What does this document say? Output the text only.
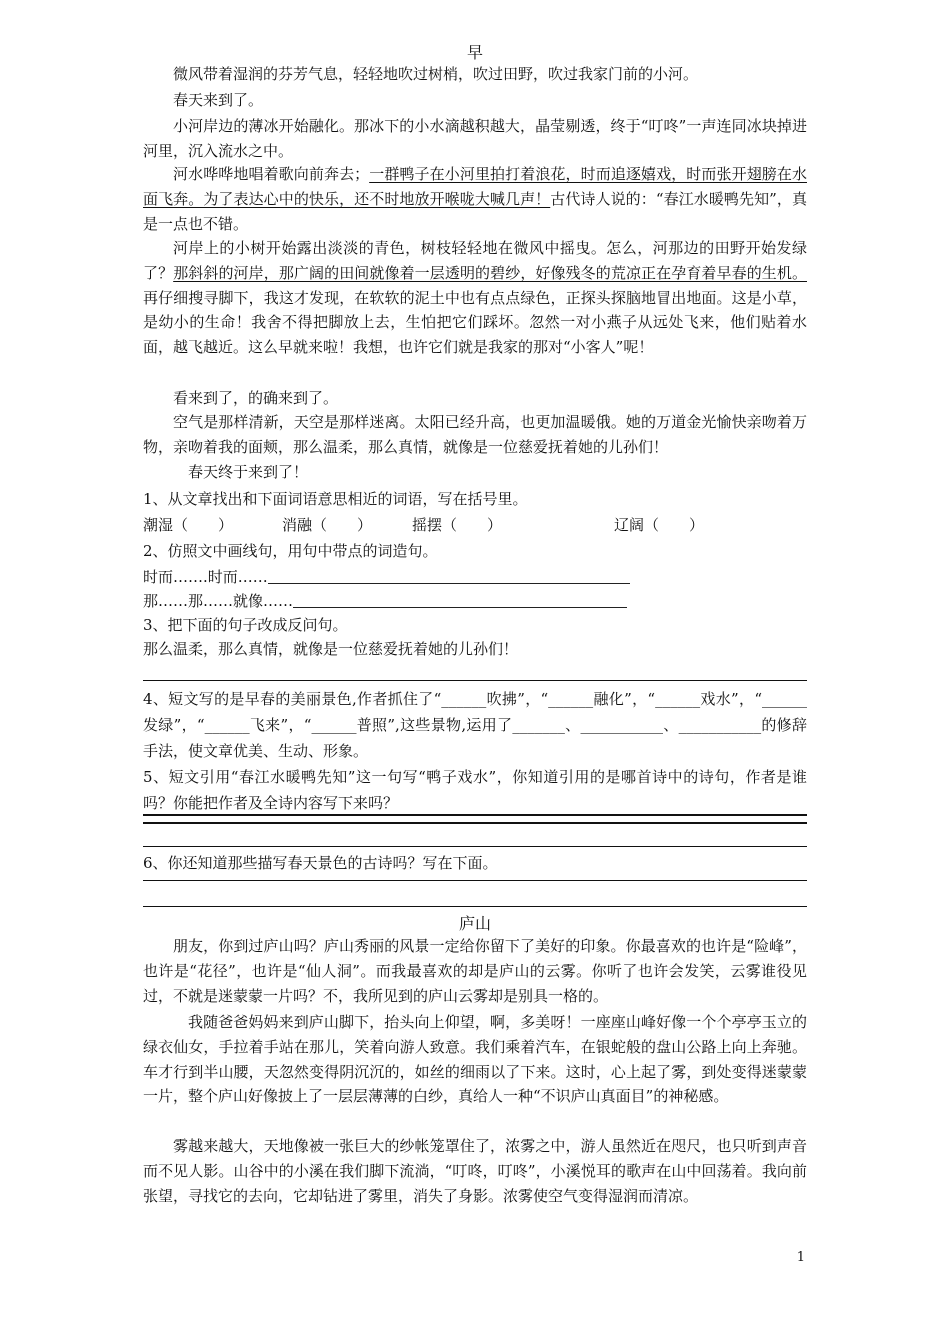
早

微风带着湿润的芬芳气息，轻轻地吹过树梢，吹过田野，吹过我家门前的小河。

春天来到了。

小河岸边的薄冰开始融化。那冰下的小水滴越积越大，晶莹剔透，终于“叮咚”一声连同冰块掉进河里，沉入流水之中。

河水哗哗地唱着歌向前奔去；一群鸭子在小河里拍打着浪花，时而追逐嬉戏，时而张开翅膀在水面飞奔。为了表达心中的快乐，还不时地放开喉咙大喊几声！古代诗人说的：“春江水暖鸭先知”，真是一点也不错。

河岸上的小树开始露出淡淡的青色，树枝轻轻地在微风中摇曳。怎么，河那边的田野开始发绿了？那斜斜的河岸，那广阔的田间就像着一层透明的碧纱，好像残冬的荒凉正在孕育着早春的生机。再仔细搜寻脚下，我这才发现，在软软的泥土中也有点点绿色，正探头探脑地冒出地面。这是小草，是幼小的生命！我舍不得把脚放上去，生怕把它们踩坏。忽然一对小燕子从远处飞来，他们贴着水面，越飞越近。这么早就来啦！我想，也许它们就是我家的那对“小客人”呢！

看来到了，的确来到了。

空气是那样清新，天空是那样迷离。太阳已经升高，也更加温暖俄。她的万道金光愉快亲吻着万物，亲吻着我的面颊，那么温柔，那么真情，就像是一位慈爱抚着她的儿孙们！

春天终于来到了！

1、从文章找出和下面词语意思相近的词语，写在括号里。

潮湿（　　）	消融（　　）	摇摆（　　）	辽阔（　　）

2、仿照文中画线句，用句中带点的词造句。

时而…….时而……
那……那……就像……

3、把下面的句子改成反问句。

那么温柔，那么真情，就像是一位慈爱抚着她的儿孙们！

4、短文写的是早春的美丽景色,作者抓住了“______吹拂”，“______融化”，“______戏水”，“______发绿”，“______飞来”，“______普照”,这些景物,运用了_______、___________、___________的修辞手法，使文章优美、生动、形象。

5、短文引用“春江水暖鸭先知”这一句写“鸭子戏水”，你知道引用的是哪首诗中的诗句，作者是谁吗？你能把作者及全诗内容写下来吗？

6、你还知道那些描写春天景色的古诗吗？写在下面。

庐山

朋友，你到过庐山吗？庐山秀丽的风景一定给你留下了美好的印象。你最喜欢的也许是“险峰”，也许是“花径”，也许是“仙人洞”。而我最喜欢的却是庐山的云雾。你听了也许会发笑，云雾谁役见过，不就是迷蒙蒙一片吗？不，我所见到的庐山云雾却是别具一格的。

我随爸爸妈妈来到庐山脚下，抬头向上仰望，啊，多美呀！一座座山峰好像一个个亭亭玉立的绿衣仙女，手拉着手站在那儿，笑着向游人致意。我们乘着汽车，在银蛇般的盘山公路上向上奔驰。车才行到半山腰，天忽然变得阴沉沉的，如丝的细雨以了下来。这时，心上起了雾，到处变得迷蒙蒙一片，整个庐山好像披上了一层层薄薄的白纱，真给人一种“不识庐山真面目”的神秘感。

雾越来越大，天地像被一张巨大的纱帐笼罩住了，浓雾之中，游人虽然近在咫尺，也只听到声音而不见人影。山谷中的小溪在我们脚下流淌，“叮咚，叮咚”，小溪悦耳的歌声在山中回荡着。我向前张望，寻找它的去向，它却钻进了雾里，消失了身影。浓雾使空气变得湿润而清凉。

1
